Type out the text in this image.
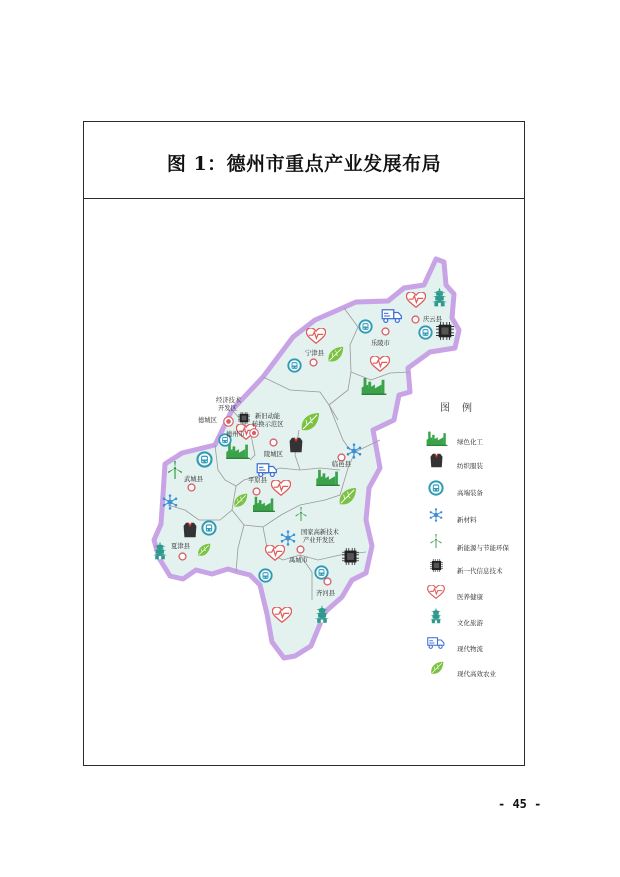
图 1：德州市重点产业发展布局
庆云县
乐陵市
宁津县
经济技术
开发区
德城区
德州市
新旧动能
转换示范区
陵城区
临邑县
武城县	平原县
国家高新技术
产业开发区
夏津县
禹城市
齐河县
图例
绿色化工
纺织服装
高端装备
新材料
新能源与节能环保
新一代信息技术
医养健康
文化旅游
现代物流
现代高效农业
- 45 -
